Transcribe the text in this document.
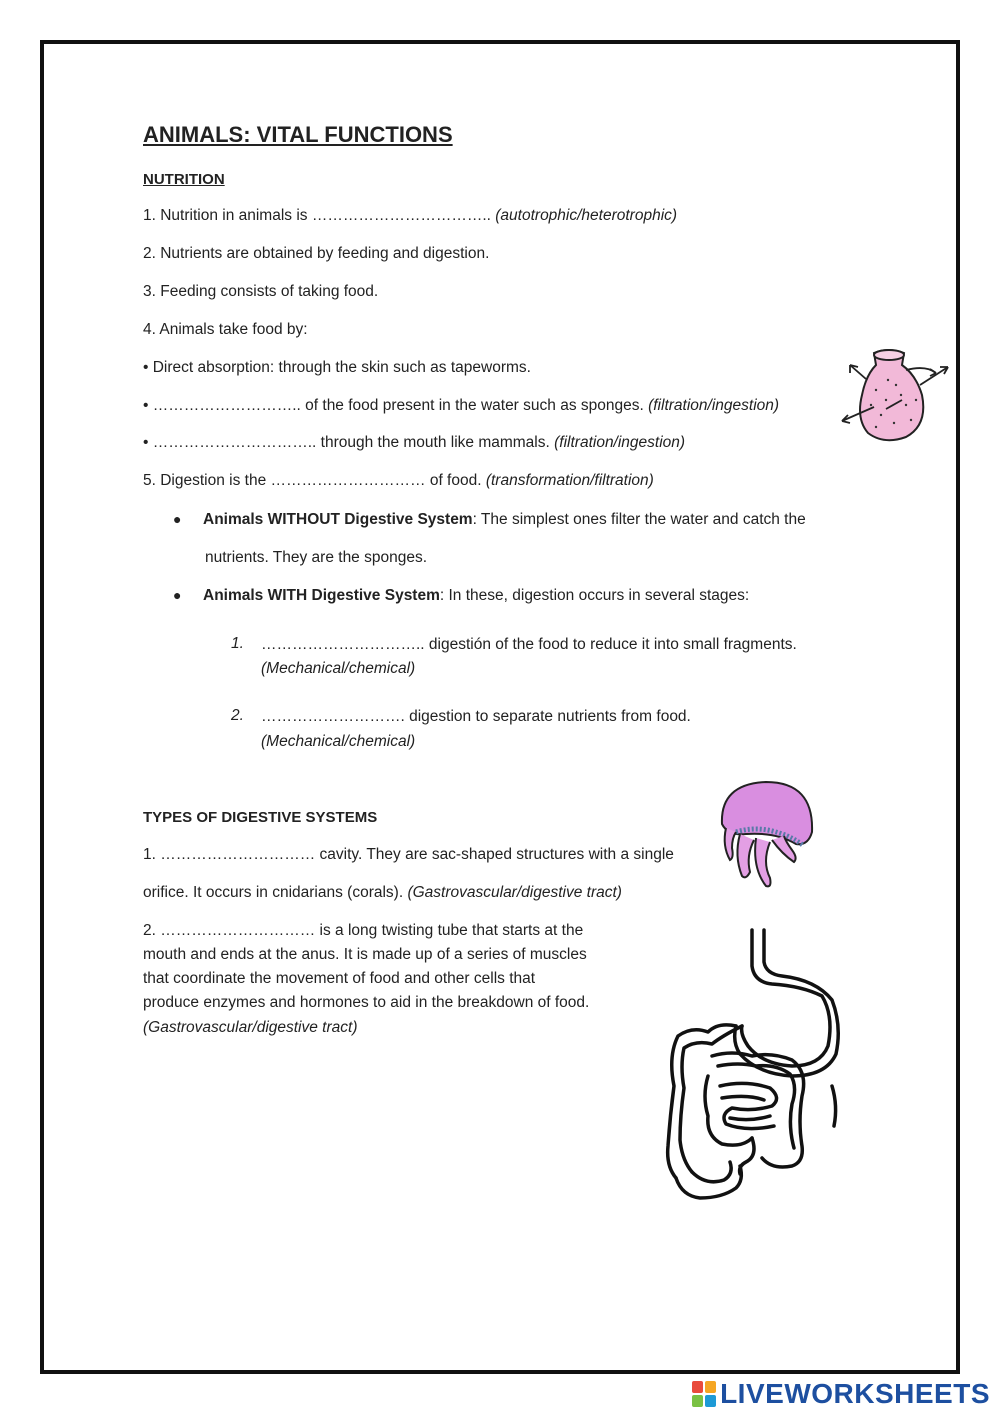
ANIMALS: VITAL FUNCTIONS
NUTRITION
1. Nutrition in animals is …………………………….. (autotrophic/heterotrophic)
2. Nutrients are obtained by feeding and digestion.
3. Feeding consists of taking food.
4. Animals take food by:
• Direct absorption: through the skin such as tapeworms.
• ……………………….. of the food present in the water such as sponges. (filtration/ingestion)
• ………………………….. through the mouth like mammals. (filtration/ingestion)
5. Digestion is the ………………………… of food. (transformation/filtration)
● Animals WITHOUT Digestive System: The simplest ones filter the water and catch the
nutrients. They are the sponges.
● Animals WITH Digestive System: In these, digestion occurs in several stages:
1. ………………………….. digestión of the food to reduce it into small fragments.
(Mechanical/chemical)
2. ………………………. digestion to separate nutrients from food.
(Mechanical/chemical)
TYPES OF DIGESTIVE SYSTEMS
1. ………………………… cavity. They are sac-shaped structures with a single
orifice. It occurs in cnidarians (corals). (Gastrovascular/digestive tract)
2. ………………………… is a long twisting tube that starts at the
mouth and ends at the anus. It is made up of a series of muscles
that coordinate the movement of food and other cells that
produce enzymes and hormones to aid in the breakdown of food.
(Gastrovascular/digestive tract)
LIVEWORKSHEETS
